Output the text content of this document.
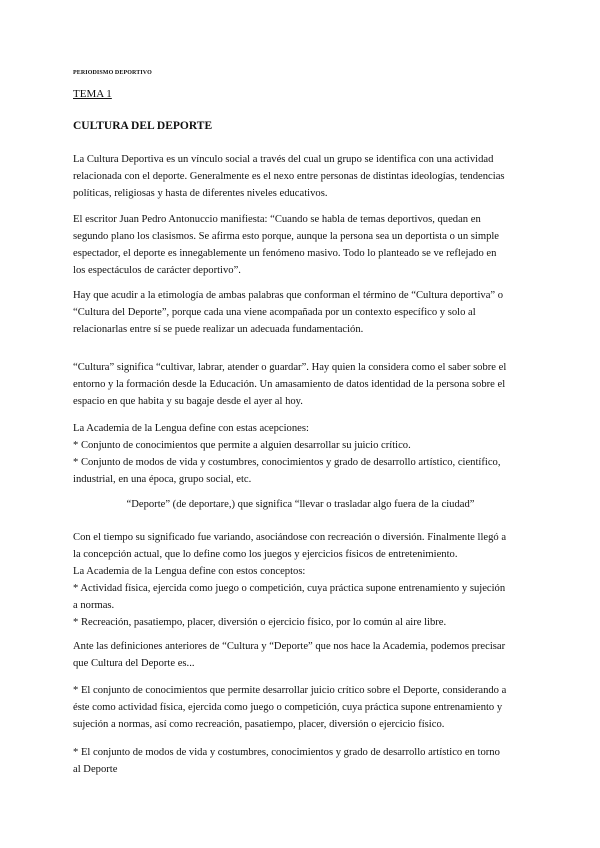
PERIODISMO DEPORTIVO
TEMA 1
CULTURA DEL DEPORTE
La Cultura Deportiva es un vínculo social a través del cual un grupo se identifica con una actividad
relacionada con el deporte. Generalmente es el nexo entre personas de distintas ideologías, tendencias
políticas, religiosas y hasta de diferentes niveles educativos.
El escritor Juan Pedro Antonuccio manifiesta: “Cuando se habla de temas deportivos, quedan en
segundo plano los clasismos. Se afirma esto porque, aunque la persona sea un deportista o un simple
espectador, el deporte es innegablemente un fenómeno masivo. Todo lo planteado se ve reflejado en
los espectáculos de carácter deportivo”.
Hay que acudir a la etimología de ambas palabras que conforman el término de “Cultura deportiva” o
“Cultura del Deporte”, porque cada una viene acompañada por un contexto específico y solo al
relacionarlas entre sí se puede realizar un adecuada fundamentación.
“Cultura” significa “cultivar, labrar, atender o guardar”. Hay quien la considera como el saber sobre el
entorno y la formación desde la Educación. Un amasamiento de datos identidad de la persona sobre el
espacio en que habita y su bagaje desde el ayer al hoy.
La Academia de la Lengua define con estas acepciones:
* Conjunto de conocimientos que permite a alguien desarrollar su juicio crítico.
* Conjunto de modos de vida y costumbres, conocimientos y grado de desarrollo artístico, científico,
industrial, en una época, grupo social, etc.
“Deporte” (de deportare,) que significa “llevar o trasladar algo fuera de la ciudad”
Con el tiempo su significado fue variando, asociándose con recreación o diversión. Finalmente llegó a
la concepción actual, que lo define como los juegos y ejercicios físicos de entretenimiento.
La Academia de la Lengua define con estos conceptos:
* Actividad física, ejercida como juego o competición, cuya práctica supone entrenamiento y sujeción
a normas.
* Recreación, pasatiempo, placer, diversión o ejercicio físico, por lo común al aire libre.
Ante las definiciones anteriores de “Cultura y “Deporte” que nos hace la Academia, podemos precisar
que Cultura del Deporte es...
* El conjunto de conocimientos que permite desarrollar juicio crítico sobre el Deporte, considerando a
éste como actividad física, ejercida como juego o competición, cuya práctica supone entrenamiento y
sujeción a normas, así como recreación, pasatiempo, placer, diversión o ejercicio físico.
* El conjunto de modos de vida y costumbres, conocimientos y grado de desarrollo artístico en torno
al Deporte
